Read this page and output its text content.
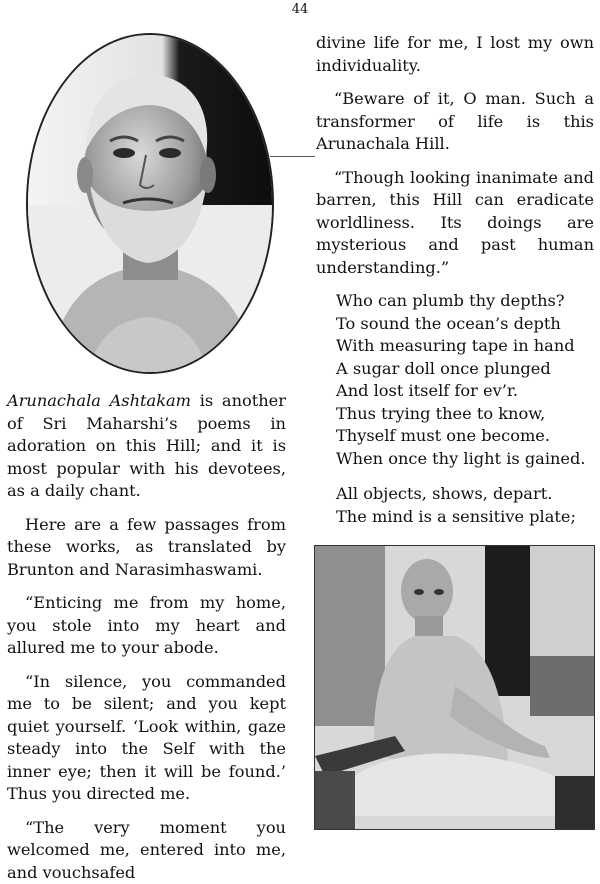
44

Arunachala Ashtakam is another of Sri Maharshi’s poems in adoration on this Hill; and it is most popular with his devotees, as a daily chant.

Here are a few passages from these works, as translated by Brunton and Narasimhaswami.

“Enticing me from my home, you stole into my heart and allured me to your abode.

“In silence, you commanded me to be silent; and you kept quiet yourself. ‘Look within, gaze steady into the Self with the inner eye; then it will be found.’ Thus you directed me.

“The very moment you welcomed me, entered into me, and vouchsafed

divine life for me, I lost my own individuality.

“Beware of it, O man. Such a transformer of life is this Arunachala Hill.

“Though looking inanimate and barren, this Hill can eradicate worldliness. Its doings are mysterious and past human understanding.”

Who can plumb thy depths?
To sound the ocean’s depth
With measuring tape in hand
A sugar doll once plunged
And lost itself for ev’r.
Thus trying thee to know,
Thyself must one become.
When once thy light is gained.
All objects, shows, depart.
The mind is a sensitive plate;
